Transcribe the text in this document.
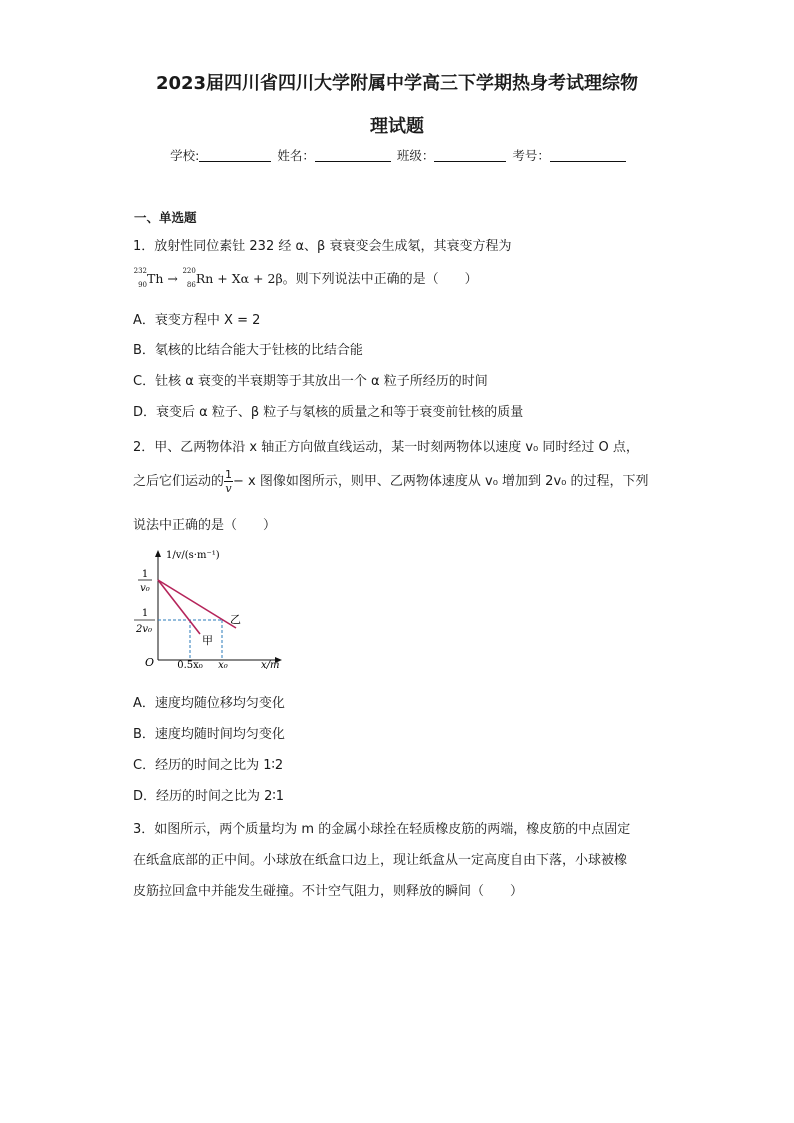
2023届四川省四川大学附属中学高三下学期热身考试理综物
理试题
学校:	姓名：	班级：	考号：
一、单选题
1．放射性同位素钍 232 经 α、β 衰衰变会生成氡，其衰变方程为
232
90 Th → 220
86 Rn + Xα + 2β。则下列说法中正确的是（　　）
A．衰变方程中 X = 2
B．氡核的比结合能大于钍核的比结合能
C．钍核 α 衰变的半衰期等于其放出一个 α 粒子所经历的时间
D．衰变后 α 粒子、β 粒子与氡核的质量之和等于衰变前钍核的质量
2．甲、乙两物体沿 x 轴正方向做直线运动，某一时刻两物体以速度 v₀ 同时经过 O 点，
之后它们运动的 $\frac{1}{v} - x$ 图像如图所示，则甲、乙两物体速度从 v₀ 增加到 2v₀ 的过程，下列
说法中正确的是（　　）
1/v/(s·m⁻¹)
1
v₀
1
2v₀
O 0.5x₀ x₀	x/m
甲
乙
A．速度均随位移均匀变化
B．速度均随时间均匀变化
C．经历的时间之比为 1∶2
D．经历的时间之比为 2∶1
3．如图所示，两个质量均为 m 的金属小球拴在轻质橡皮筋的两端，橡皮筋的中点固定
在纸盒底部的正中间。小球放在纸盒口边上，现让纸盒从一定高度自由下落，小球被橡
皮筋拉回盒中并能发生碰撞。不计空气阻力，则释放的瞬间（　　）
